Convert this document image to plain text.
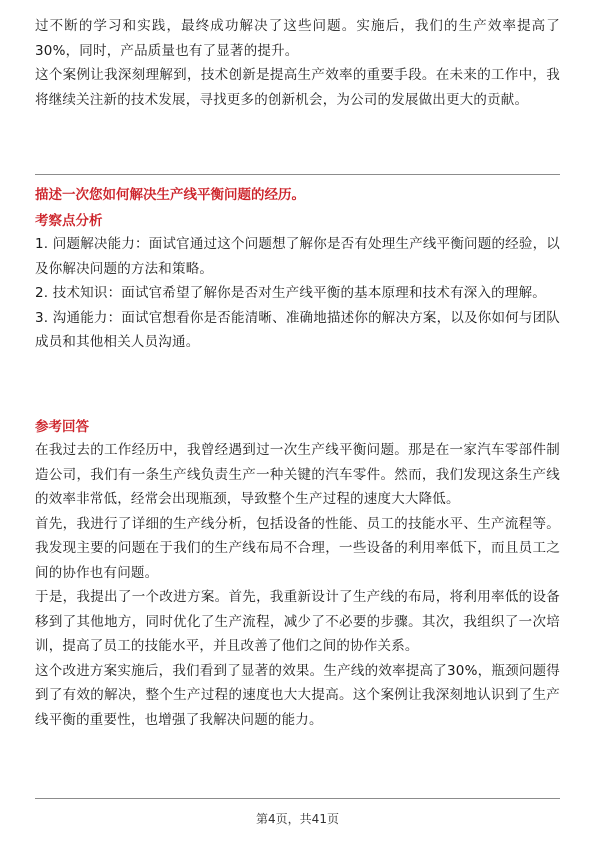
过不断的学习和实践，最终成功解决了这些问题。实施后，我们的生产效率提高了30%，同时，产品质量也有了显著的提升。

这个案例让我深刻理解到，技术创新是提高生产效率的重要手段。在未来的工作中，我将继续关注新的技术发展，寻找更多的创新机会，为公司的发展做出更大的贡献。

描述一次您如何解决生产线平衡问题的经历。
考察点分析

1. 问题解决能力：面试官通过这个问题想了解你是否有处理生产线平衡问题的经验，以及你解决问题的方法和策略。

2. 技术知识：面试官希望了解你是否对生产线平衡的基本原理和技术有深入的理解。

3. 沟通能力：面试官想看你是否能清晰、准确地描述你的解决方案，以及你如何与团队成员和其他相关人员沟通。

参考回答

在我过去的工作经历中，我曾经遇到过一次生产线平衡问题。那是在一家汽车零部件制造公司，我们有一条生产线负责生产一种关键的汽车零件。然而，我们发现这条生产线的效率非常低，经常会出现瓶颈，导致整个生产过程的速度大大降低。

首先，我进行了详细的生产线分析，包括设备的性能、员工的技能水平、生产流程等。我发现主要的问题在于我们的生产线布局不合理，一些设备的利用率低下，而且员工之间的协作也有问题。

于是，我提出了一个改进方案。首先，我重新设计了生产线的布局，将利用率低的设备移到了其他地方，同时优化了生产流程，减少了不必要的步骤。其次，我组织了一次培训，提高了员工的技能水平，并且改善了他们之间的协作关系。

这个改进方案实施后，我们看到了显著的效果。生产线的效率提高了30%，瓶颈问题得到了有效的解决，整个生产过程的速度也大大提高。这个案例让我深刻地认识到了生产线平衡的重要性，也增强了我解决问题的能力。

第4页，共41页
